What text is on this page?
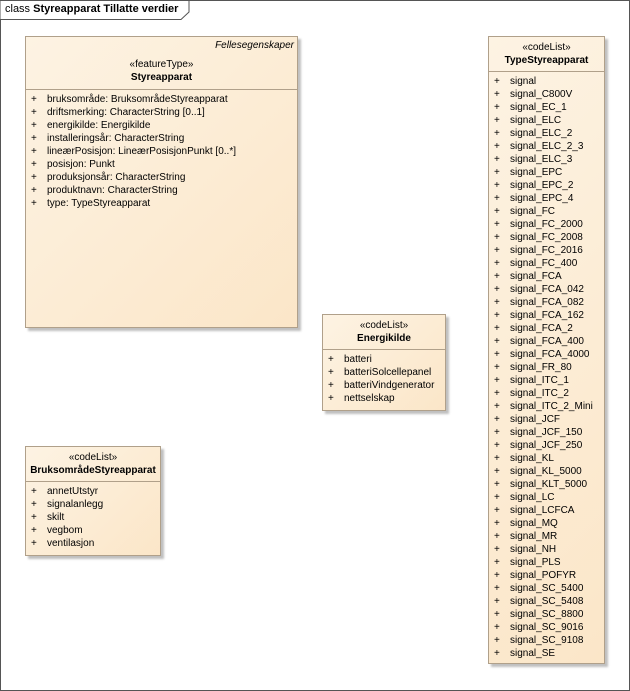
class Styreapparat Tillatte verdier
Fellesegenskaper
«featureType»
Styreapparat
+ bruksområde: BruksområdeStyreapparat
+ driftsmerking: CharacterString [0..1]
+ energikilde: Energikilde
+ installeringsår: CharacterString
+ lineærPosisjon: LineærPosisjonPunkt [0..*]
+ posisjon: Punkt
+ produksjonsår: CharacterString
+ produktnavn: CharacterString
+ type: TypeStyreapparat
«codeList»
Energikilde
+ batteri
+ batteriSolcellepanel
+ batteriVindgenerator
+ nettselskap
«codeList»
BruksområdeStyreapparat
+ annetUtstyr
+ signalanlegg
+ skilt
+ vegbom
+ ventilasjon
«codeList»
TypeStyreapparat
+ signal
+ signal_C800V
+ signal_EC_1
+ signal_ELC
+ signal_ELC_2
+ signal_ELC_2_3
+ signal_ELC_3
+ signal_EPC
+ signal_EPC_2
+ signal_EPC_4
+ signal_FC
+ signal_FC_2000
+ signal_FC_2008
+ signal_FC_2016
+ signal_FC_400
+ signal_FCA
+ signal_FCA_042
+ signal_FCA_082
+ signal_FCA_162
+ signal_FCA_2
+ signal_FCA_400
+ signal_FCA_4000
+ signal_FR_80
+ signal_ITC_1
+ signal_ITC_2
+ signal_ITC_2_Mini
+ signal_JCF
+ signal_JCF_150
+ signal_JCF_250
+ signal_KL
+ signal_KL_5000
+ signal_KLT_5000
+ signal_LC
+ signal_LCFCA
+ signal_MQ
+ signal_MR
+ signal_NH
+ signal_PLS
+ signal_POFYR
+ signal_SC_5400
+ signal_SC_5408
+ signal_SC_8800
+ signal_SC_9016
+ signal_SC_9108
+ signal_SE
